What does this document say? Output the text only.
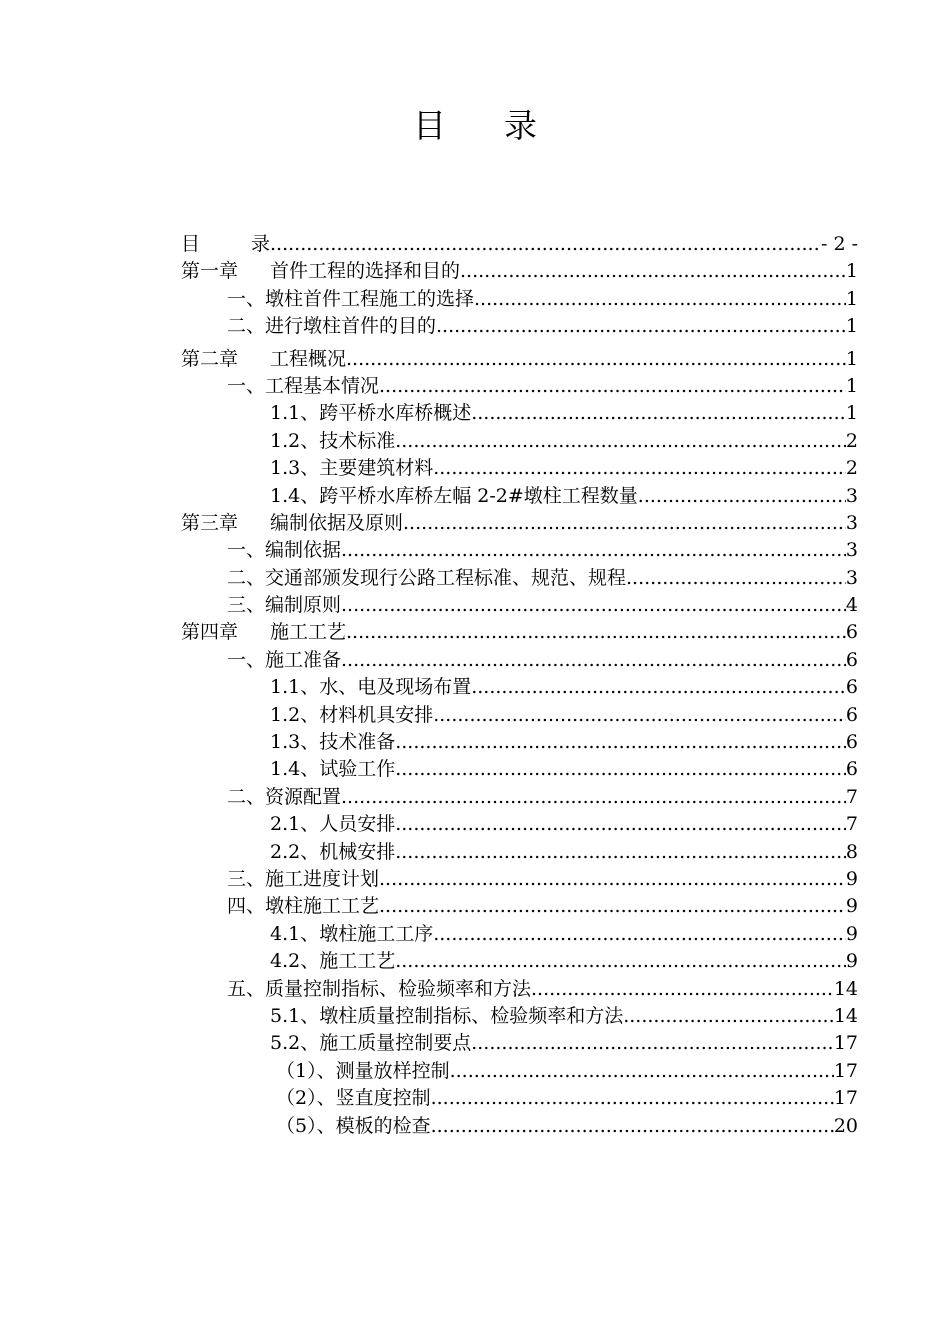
目 录
目	录 .....	- 2 -
第一章 首件工程的选择和目的 .....	1
一、墩柱首件工程施工的选择 .....	1
二、进行墩柱首件的目的 .....	1
第二章 工程概况 .....	1
一、工程基本情况 .....	1
1.1、跨平桥水库桥概述 .....	1
1.2、技术标准 .....	2
1.3、主要建筑材料 .....	2
1.4、跨平桥水库桥左幅 2-2#墩柱工程数量 .....	3
第三章 编制依据及原则 .....	3
一、编制依据 .....	3
二、交通部颁发现行公路工程标准、规范、规程 .....	3
三、编制原则 .....	4
第四章 施工工艺 .....	6
一、施工准备 .....	6
1.1、水、电及现场布置 .....	6
1.2、材料机具安排 .....	6
1.3、技术准备 .....	6
1.4、试验工作 .....	6
二、资源配置 .....	7
2.1、人员安排 .....	7
2.2、机械安排 .....	8
三、施工进度计划 .....	9
四、墩柱施工工艺 .....	9
4.1、墩柱施工工序 .....	9
4.2、施工工艺 .....	9
五、质量控制指标、检验频率和方法 .....	14
5.1、墩柱质量控制指标、检验频率和方法 .....	14
5.2、施工质量控制要点 .....	17
（1）、测量放样控制 .....	17
（2）、竖直度控制 .....	17
（5）、模板的检查 .....	20
